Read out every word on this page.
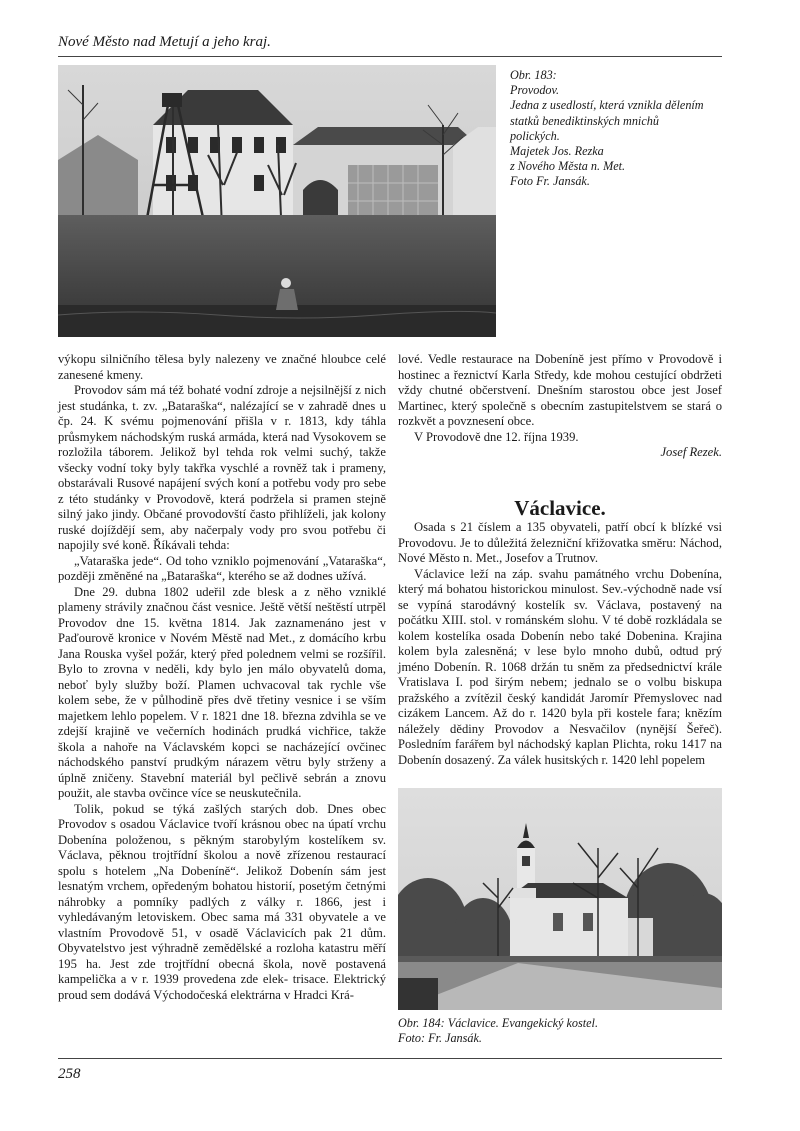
Nové Město nad Metují a jeho kraj.
Obr. 183:
Provodov.
Jedna z usedlostí, která vznikla dělením
statků benediktinských mnichů
polických.
Majetek Jos. Rezka
z Nového Města n. Met.
Foto Fr. Jansák.

výkopu silničního tělesa byly nalezeny ve značné hloubce celé zanesené kmeny.

Provodov sám má též bohaté vodní zdroje a nejsilnější z nich jest studánka, t. zv. „Bataraška“, nalézající se v zahradě dnes u čp. 24. K svému pojmenování přišla v r. 1813, kdy táhla průsmykem náchodským ruská armáda, která nad Vysokovem se rozložila táborem. Jelikož byl tehda rok velmi suchý, takže všecky vodní toky byly takřka vyschlé a rovněž tak i prameny, obstarávali Rusové napájení svých koní a potřebu vody pro sebe z této studánky v Provodově, která podržela si pramen stejně silný jako jindy. Občané provodovští často přihlíželi, jak kolony ruské dojíždějí sem, aby načerpaly vody pro svou potřebu či napojily své koně. Říkávali tehda:

„Vataraška jede“. Od toho vzniklo pojmenování „Vataraška“, později změněné na „Bataraška“, kterého se až dodnes užívá.

Dne 29. dubna 1802 udeřil zde blesk a z něho vzniklé plameny strávily značnou část vesnice. Ještě větší neštěstí utrpěl Provodov dne 15. května 1814. Jak zaznamenáno jest v Paďourově kronice v Novém Městě nad Met., z domácího krbu Jana Rouska vyšel požár, který před polednem velmi se rozšířil. Bylo to zrovna v neděli, kdy bylo jen málo obyvatelů doma, neboť byly služby boží. Plamen uchvacoval tak rychle vše kolem sebe, že v půlhodině přes dvě třetiny vesnice i se vším majetkem lehlo popelem. V r. 1821 dne 18. března zdvihla se ve zdejší krajině ve večerních hodinách prudká vichřice, takže škola a nahoře na Václavském kopci se nacházející ovčinec náchodského panství prudkým nárazem větru byly strženy a úplně zničeny. Stavební materiál byl pečlivě sebrán a znovu použit, ale stavba ovčince více se neuskutečnila.

Tolik, pokud se týká zašlých starých dob. Dnes obec Provodov s osadou Václavice tvoří krásnou obec na úpatí vrchu Dobenína položenou, s pěkným starobylým kostelíkem sv. Václava, pěknou trojtřídní školou a nově zřízenou restaurací spolu s hotelem „Na Dobeníně“. Jelikož Dobenín sám jest lesnatým vrchem, opředeným bohatou historií, posetým četnými náhrobky a pomníky padlých z války r. 1866, jest i vyhledávaným letoviskem. Obec sama má 331 obyvatele a ve vlastním Provodově 51, v osadě Václavicích pak 21 dům. Obyvatelstvo jest výhradně zemědělské a rozloha katastru měří 195 ha. Jest zde trojtřídní obecná škola, nově postavená kampelička a v r. 1939 provedena zde elek- trisace. Elektrický proud sem dodává Východočeská elektrárna v Hradci Krá-

lové. Vedle restaurace na Dobeníně jest přímo v Provodově i hostinec a řeznictví Karla Středy, kde mohou cestující obdržeti vždy chutné občerstvení. Dnešním starostou obce jest Josef Martinec, který společně s obecním zastupitelstvem se stará o rozkvět a povznesení obce.

V Provodově dne 12. října 1939.

Josef Rezek.

Václavice.

Osada s 21 číslem a 135 obyvateli, patří obcí k blízké vsi Provodovu. Je to důležitá železniční křižovatka směru: Náchod, Nové Město n. Met., Josefov a Trutnov.

Václavice leží na záp. svahu památného vrchu Dobenína, který má bohatou historickou minulost. Sev.-východně nade vsí se vypíná starodávný kostelík sv. Václava, postavený na počátku XIII. stol. v románském slohu. V té době rozkládala se kolem kostelíka osada Dobenín nebo také Dobenina. Krajina kolem byla zalesněná; v lese bylo mnoho dubů, odtud prý jméno Dobenín. R. 1068 držán tu sněm za předsednictví krále Vratislava I. pod širým nebem; jednalo se o volbu biskupa pražského a zvítězil český kandidát Jaromír Přemyslovec nad cizákem Lancem. Až do r. 1420 byla při kostele fara; knězím náležely dědiny Provodov a Nesvačilov (nynější Šeřeč). Posledním farářem byl náchodský kaplan Plichta, roku 1417 na Dobenín dosazený. Za válek husitských r. 1420 lehl popelem

Obr. 184: Václavice. Evangekický kostel.
Foto: Fr. Jansák.
258
